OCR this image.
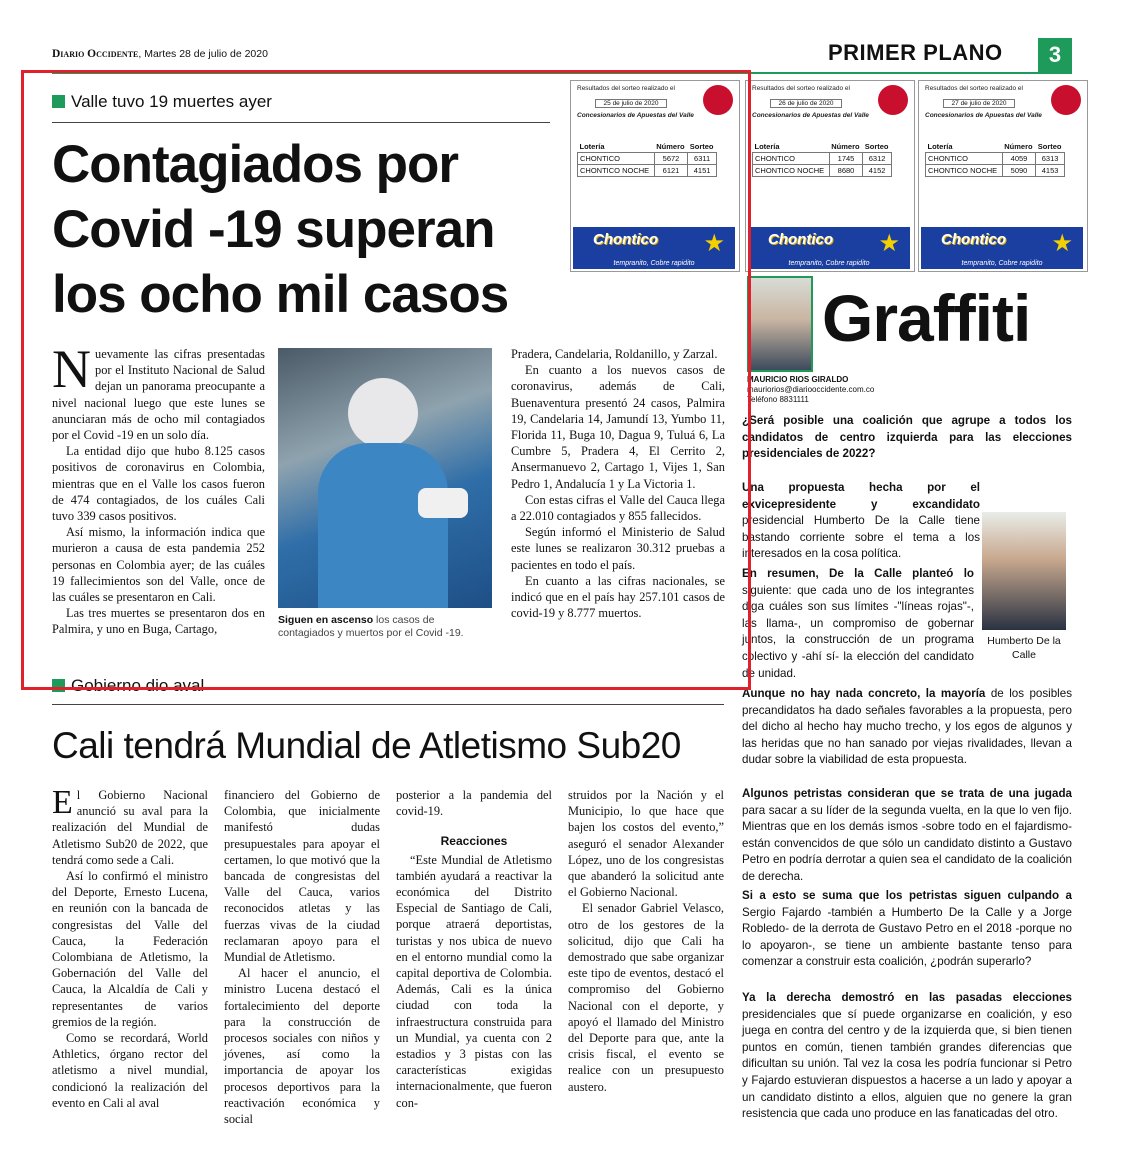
Diario Occidente, Martes 28 de julio de 2020	PRIMER PLANO	3
Valle tuvo 19 muertes ayer
Contagiados por
Covid -19 superan
los ocho mil casos

Nuevamente las cifras presentadas por el Instituto Nacional de Salud dejan un panorama preocupante a nivel nacional luego que este lunes se anunciaran más de ocho mil contagiados por el Covid -19 en un solo día.

La entidad dijo que hubo 8.125 casos positivos de coronavirus en Colombia, mientras que en el Valle los casos fueron de 474 contagiados, de los cuáles Cali tuvo 339 casos positivos.

Así mismo, la información indica que murieron a causa de esta pandemia 252 personas en Colombia ayer; de las cuáles 19 fallecimientos son del Valle, once de las cuáles se presentaron en Cali.

Las tres muertes se presentaron dos en Palmira, y uno en Buga, Cartago,

Siguen en ascenso los casos de contagiados y muertos por el Covid -19.

Pradera, Candelaria, Roldanillo, y Zarzal.

En cuanto a los nuevos casos de coronavirus, además de Cali, Buenaventura presentó 24 casos, Palmira 19, Candelaria 14, Jamundí 13, Yumbo 11, Florida 11, Buga 10, Dagua 9, Tuluá 6, La Cumbre 5, Pradera 4, El Cerrito 2, Ansermanuevo 2, Cartago 1, Vijes 1, San Pedro 1, Andalucía 1 y La Victoria 1.

Con estas cifras el Valle del Cauca llega a 22.010 contagiados y 855 fallecidos.

Según informó el Ministerio de Salud este lunes se realizaron 30.312 pruebas a pacientes en todo el país.

En cuanto a las cifras nacionales, se indicó que en el país hay 257.101 casos de covid-19 y 8.777 muertos.

Resultados del sorteo realizado el
25 de julio de 2020
Concesionarios de Apuestas del Valle
Lotería	Número	Sorteo
CHONTICO	5672	6311
CHONTICO NOCHE	6121	4151
Chontico ★
tempranito, Cobre rapidito
Resultados del sorteo realizado el
26 de julio de 2020
Concesionarios de Apuestas del Valle
Lotería	Número	Sorteo
CHONTICO	1745	6312
CHONTICO NOCHE	8680	4152
Chontico ★
tempranito, Cobre rapidito
Resultados del sorteo realizado el
27 de julio de 2020
Concesionarios de Apuestas del Valle
Lotería	Número	Sorteo
CHONTICO	4059	6313
CHONTICO NOCHE	5090	4153
Chontico ★
tempranito, Cobre rapidito
Graffiti
MAURICIO RIOS GIRALDO
mauriorios@diariooccidente.com.co
Teléfono 8831111
¿Será posible una coalición que agrupe a todos los candidatos de centro izquierda para las elecciones presidenciales de 2022?
Una propuesta hecha por el exvicepresidente y excandidato presidencial Humberto De la Calle tiene bastando corriente sobre el tema a los interesados en la cosa política.
En resumen, De la Calle planteó lo siguiente: que cada uno de los integrantes diga cuáles son sus límites -"líneas rojas"-, las llama-, un compromiso de gobernar juntos, la construcción de un programa colectivo y -ahí sí- la elección del candidato de unidad.
Humberto De la Calle
Aunque no hay nada concreto, la mayoría de los posibles precandidatos ha dado señales favorables a la propuesta, pero del dicho al hecho hay mucho trecho, y los egos de algunos y las heridas que no han sanado por viejas rivalidades, llevan a dudar sobre la viabilidad de esta propuesta.
Algunos petristas consideran que se trata de una jugada para sacar a su líder de la segunda vuelta, en la que lo ven fijo. Mientras que en los demás ismos -sobre todo en el fajardismo- están convencidos de que sólo un candidato distinto a Gustavo Petro en podría derrotar a quien sea el candidato de la coalición de derecha.
Si a esto se suma que los petristas siguen culpando a Sergio Fajardo -también a Humberto De la Calle y a Jorge Robledo- de la derrota de Gustavo Petro en el 2018 -porque no lo apoyaron-, se tiene un ambiente bastante tenso para comenzar a construir esta coalición, ¿podrán superarlo?
Ya la derecha demostró en las pasadas elecciones presidenciales que sí puede organizarse en coalición, y eso juega en contra del centro y de la izquierda que, si bien tienen puntos en común, tienen también grandes diferencias que dificultan su unión. Tal vez la cosa les podría funcionar si Petro y Fajardo estuvieran dispuestos a hacerse a un lado y apoyar a un candidato distinto a ellos, alguien que no genere la gran resistencia que cada uno produce en las fanaticadas del otro.
Gobierno dio aval
Cali tendrá Mundial de Atletismo Sub20

El Gobierno Nacional anunció su aval para la realización del Mundial de Atletismo Sub20 de 2022, que tendrá como sede a Cali.

Así lo confirmó el ministro del Deporte, Ernesto Lucena, en reunión con la bancada de congresistas del Valle del Cauca, la Federación Colombiana de Atletismo, la Gobernación del Valle del Cauca, la Alcaldía de Cali y representantes de varios gremios de la región.

Como se recordará, World Athletics, órgano rector del atletismo a nivel mundial, condicionó la realización del evento en Cali al aval

financiero del Gobierno de Colombia, que inicialmente manifestó dudas presupuestales para apoyar el certamen, lo que motivó que la bancada de congresistas del Valle del Cauca, varios reconocidos atletas y las fuerzas vivas de la ciudad reclamaran apoyo para el Mundial de Atletismo.

Al hacer el anuncio, el ministro Lucena destacó el fortalecimiento del deporte para la construcción de procesos sociales con niños y jóvenes, así como la importancia de apoyar los procesos deportivos para la reactivación económica y social

posterior a la pandemia del covid-19.

Reacciones

“Este Mundial de Atletismo también ayudará a reactivar la económica del Distrito Especial de Santiago de Cali, porque atraerá deportistas, turistas y nos ubica de nuevo en el entorno mundial como la capital deportiva de Colombia. Además, Cali es la única ciudad con toda la infraestructura construida para un Mundial, ya cuenta con 2 estadios y 3 pistas con las características exigidas internacionalmente, que fueron con-

struidos por la Nación y el Municipio, lo que hace que bajen los costos del evento,” aseguró el senador Alexander López, uno de los congresistas que abanderó la solicitud ante el Gobierno Nacional.

El senador Gabriel Velasco, otro de los gestores de la solicitud, dijo que Cali ha demostrado que sabe organizar este tipo de eventos, destacó el compromiso del Gobierno Nacional con el deporte, y apoyó el llamado del Ministro del Deporte para que, ante la crisis fiscal, el evento se realice con un presupuesto austero.
